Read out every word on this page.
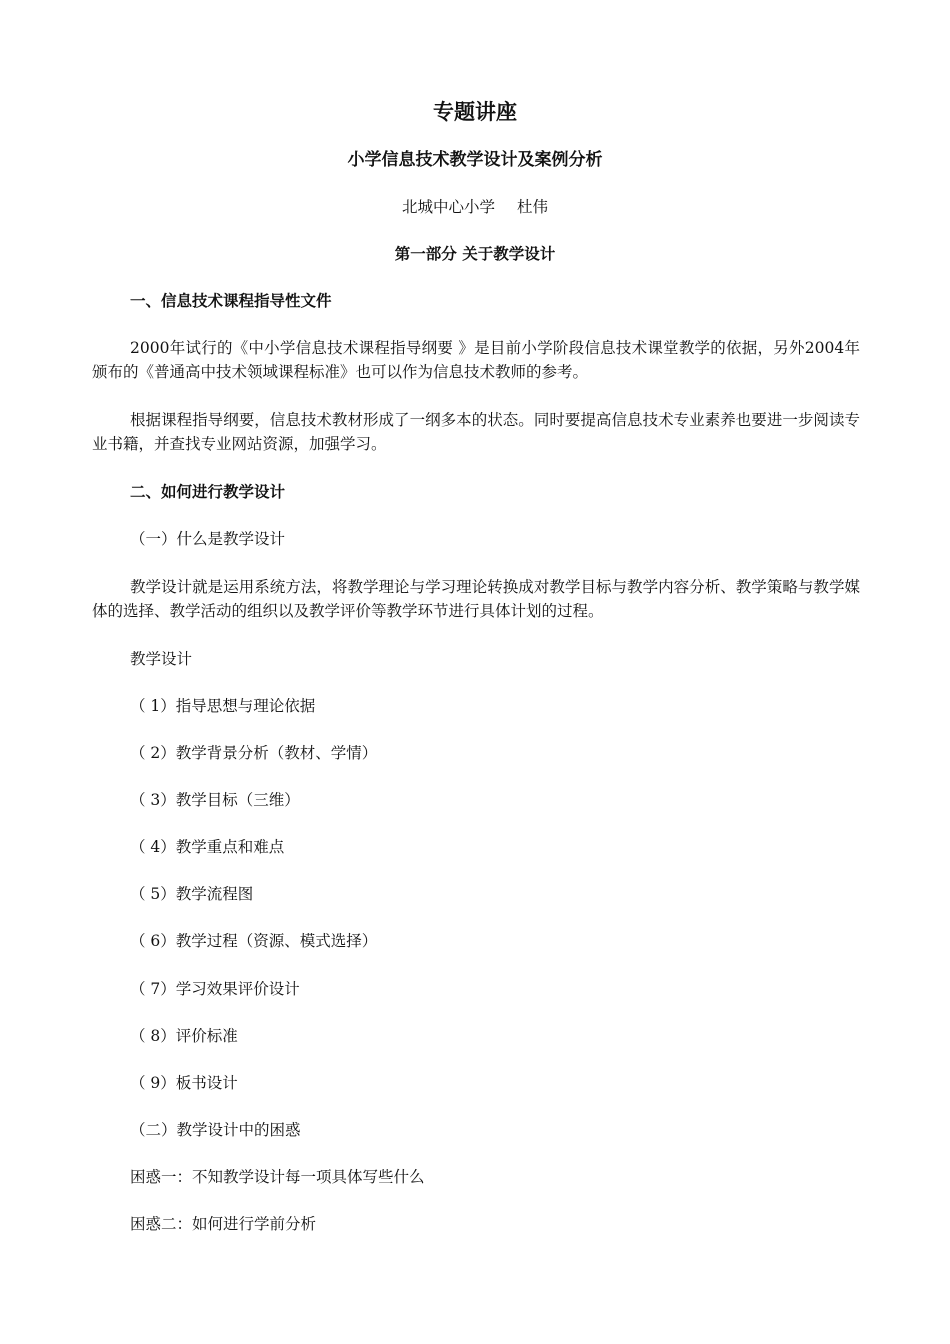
专题讲座
小学信息技术教学设计及案例分析
北城中心小学 杜伟
第一部分 关于教学设计
一、信息技术课程指导性文件
2000年试行的《中小学信息技术课程指导纲要 》是目前小学阶段信息技术课堂教学的依据，另外2004年颁布的《普通高中技术领域课程标准》也可以作为信息技术教师的参考。
根据课程指导纲要，信息技术教材形成了一纲多本的状态。同时要提高信息技术专业素养也要进一步阅读专业书籍，并查找专业网站资源，加强学习。
二、如何进行教学设计
（一）什么是教学设计
教学设计就是运用系统方法，将教学理论与学习理论转换成对教学目标与教学内容分析、教学策略与教学媒体的选择、教学活动的组织以及教学评价等教学环节进行具体计划的过程。
教学设计
（ 1）指导思想与理论依据
（ 2）教学背景分析（教材、学情）
（ 3）教学目标（三维）
（ 4）教学重点和难点
（ 5）教学流程图
（ 6）教学过程（资源、模式选择）
（ 7）学习效果评价设计
（ 8）评价标准
（ 9）板书设计
（二）教学设计中的困惑
困惑一：不知教学设计每一项具体写些什么
困惑二：如何进行学前分析
